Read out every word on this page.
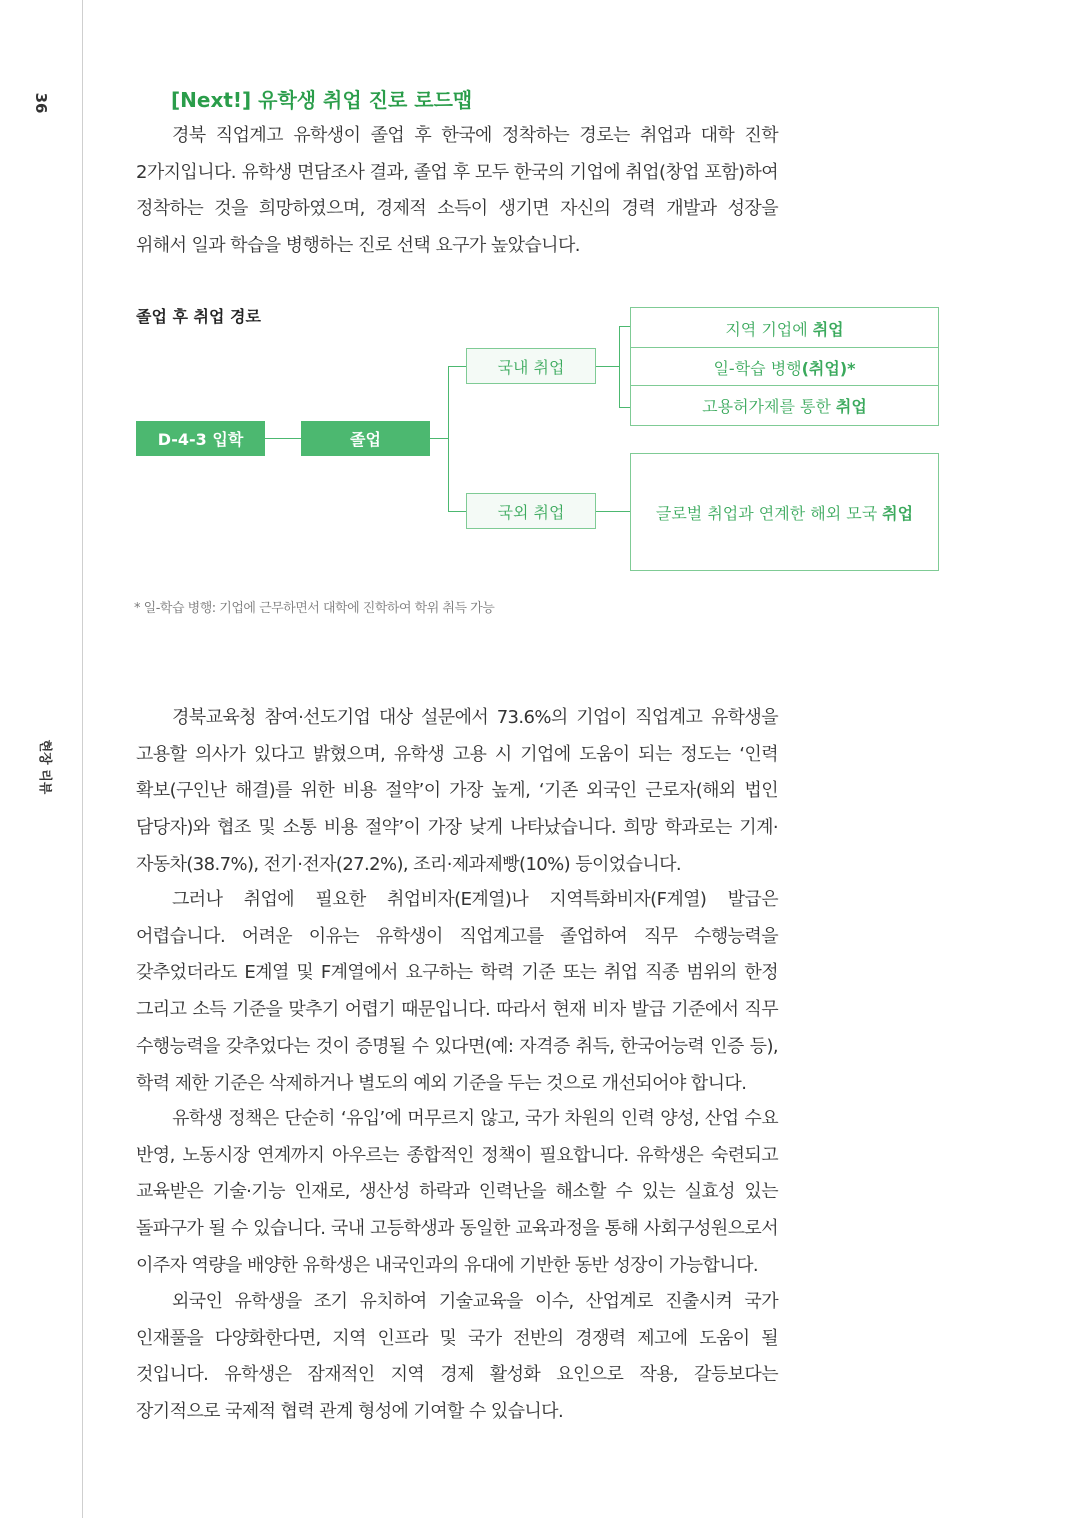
36
현장 리뷰
[Next!] 유학생 취업 진로 로드맵

경북 직업계고 유학생이 졸업 후 한국에 정착하는 경로는 취업과 대학 진학 2가지입니다. 유학생 면담조사 결과, 졸업 후 모두 한국의 기업에 취업(창업 포함)하여 정착하는 것을 희망하였으며, 경제적 소득이 생기면 자신의 경력 개발과 성장을 위해서 일과 학습을 병행하는 진로 선택 요구가 높았습니다.

졸업 후 취업 경로
D-4-3 입학	졸업
국내 취업
국외 취업
지역 기업에 취업
일-학습 병행 (취업)*
고용허가제를 통한 취업
글로벌 취업과 연계한 해외 모국 취업
* 일-학습 병행: 기업에 근무하면서 대학에 진학하여 학위 취득 가능

경북교육청 참여·선도기업 대상 설문에서 73.6%의 기업이 직업계고 유학생을 고용할 의사가 있다고 밝혔으며, 유학생 고용 시 기업에 도움이 되는 정도는 ‘인력 확보(구인난 해결)를 위한 비용 절약’이 가장 높게, ‘기존 외국인 근로자(해외 법인 담당자)와 협조 및 소통 비용 절약’이 가장 낮게 나타났습니다. 희망 학과로는 기계·자동차(38.7%), 전기·전자(27.2%), 조리·제과제빵(10%) 등이었습니다.

그러나 취업에 필요한 취업비자(E계열)나 지역특화비자(F계열) 발급은 어렵습니다. 어려운 이유는 유학생이 직업계고를 졸업하여 직무 수행능력을 갖추었더라도 E계열 및 F계열에서 요구하는 학력 기준 또는 취업 직종 범위의 한정 그리고 소득 기준을 맞추기 어렵기 때문입니다. 따라서 현재 비자 발급 기준에서 직무 수행능력을 갖추었다는 것이 증명될 수 있다면(예: 자격증 취득, 한국어능력 인증 등), 학력 제한 기준은 삭제하거나 별도의 예외 기준을 두는 것으로 개선되어야 합니다.

유학생 정책은 단순히 ‘유입’에 머무르지 않고, 국가 차원의 인력 양성, 산업 수요 반영, 노동시장 연계까지 아우르는 종합적인 정책이 필요합니다. 유학생은 숙련되고 교육받은 기술·기능 인재로, 생산성 하락과 인력난을 해소할 수 있는 실효성 있는 돌파구가 될 수 있습니다. 국내 고등학생과 동일한 교육과정을 통해 사회구성원으로서 이주자 역량을 배양한 유학생은 내국인과의 유대에 기반한 동반 성장이 가능합니다.

외국인 유학생을 조기 유치하여 기술교육을 이수, 산업계로 진출시켜 국가 인재풀을 다양화한다면, 지역 인프라 및 국가 전반의 경쟁력 제고에 도움이 될 것입니다. 유학생은 잠재적인 지역 경제 활성화 요인으로 작용, 갈등보다는 장기적으로 국제적 협력 관계 형성에 기여할 수 있습니다.
